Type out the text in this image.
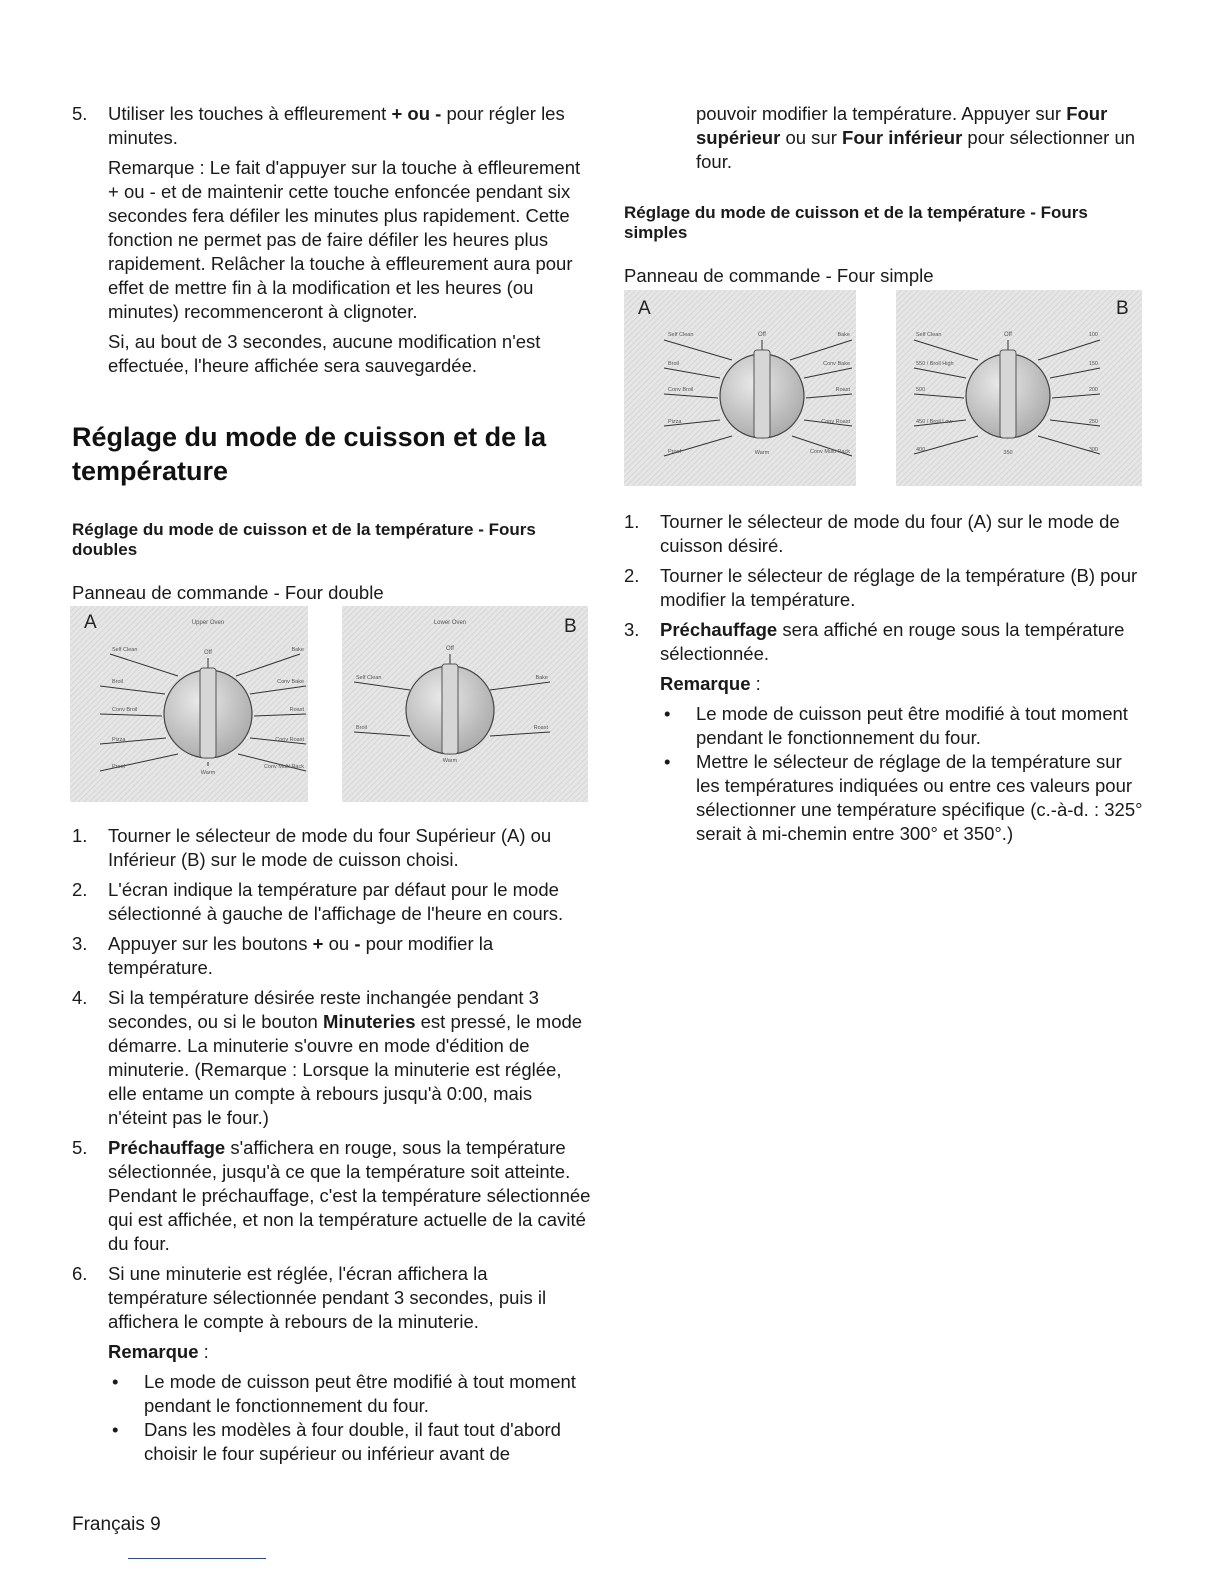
5. Utiliser les touches à effleurement + ou - pour régler les minutes.

Remarque : Le fait d'appuyer sur la touche à effleurement + ou - et de maintenir cette touche enfoncée pendant six secondes fera défiler les minutes plus rapidement. Cette fonction ne permet pas de faire défiler les heures plus rapidement. Relâcher la touche à effleurement aura pour effet de mettre fin à la modification et les heures (ou minutes) recommenceront à clignoter.

Si, au bout de 3 secondes, aucune modification n'est effectuée, l'heure affichée sera sauvegardée.

Réglage du mode de cuisson et de la température
Réglage du mode de cuisson et de la température - Fours doubles

Panneau de commande - Four double

A	B
Upper Oven
Off
Self Clean
Broil
Conv Broil
Pizza
Proof
Warm
Bake
Conv Bake
Roast
Conv Roast
Conv Multi Rack
Lower Oven
Off
Self Clean
Broil
Warm
Bake
Roast
1. Tourner le sélecteur de mode du four Supérieur (A) ou Inférieur (B) sur le mode de cuisson choisi.
2. L'écran indique la température par défaut pour le mode sélectionné à gauche de l'affichage de l'heure en cours.
3. Appuyer sur les boutons + ou - pour modifier la température.
4. Si la température désirée reste inchangée pendant 3 secondes, ou si le bouton Minuteries est pressé, le mode démarre. La minuterie s'ouvre en mode d'édition de minuterie. (Remarque : Lorsque la minuterie est réglée, elle entame un compte à rebours jusqu'à 0:00, mais n'éteint pas le four.)
5. Préchauffage s'affichera en rouge, sous la température sélectionnée, jusqu'à ce que la température soit atteinte. Pendant le préchauffage, c'est la température sélectionnée qui est affichée, et non la température actuelle de la cavité du four.
6. Si une minuterie est réglée, l'écran affichera la température sélectionnée pendant 3 secondes, puis il affichera le compte à rebours de la minuterie.

Remarque :

• Le mode de cuisson peut être modifié à tout moment pendant le fonctionnement du four.
• Dans les modèles à four double, il faut tout d'abord choisir le four supérieur ou inférieur avant de

pouvoir modifier la température. Appuyer sur Four supérieur ou sur Four inférieur pour sélectionner un four.

Réglage du mode de cuisson et de la température - Fours simples

Panneau de commande - Four simple

A	B
Off
Self Clean
Broil
Conv Broil
Pizza
Proof	Warm
Bake
Conv Bake
Roast
Conv Roast
Conv Multi Rack
Off
Self Clean
550 / Broil High
500
450 / Broil Low
400	350
100
150
200
250
300
1. Tourner le sélecteur de mode du four (A) sur le mode de cuisson désiré.
2. Tourner le sélecteur de réglage de la température (B) pour modifier la température.
3. Préchauffage sera affiché en rouge sous la température sélectionnée.

Remarque :

• Le mode de cuisson peut être modifié à tout moment pendant le fonctionnement du four.
• Mettre le sélecteur de réglage de la température sur les températures indiquées ou entre ces valeurs pour sélectionner une température spécifique (c.-à-d. : 325° serait à mi-chemin entre 300° et 350°.)
Français 9
